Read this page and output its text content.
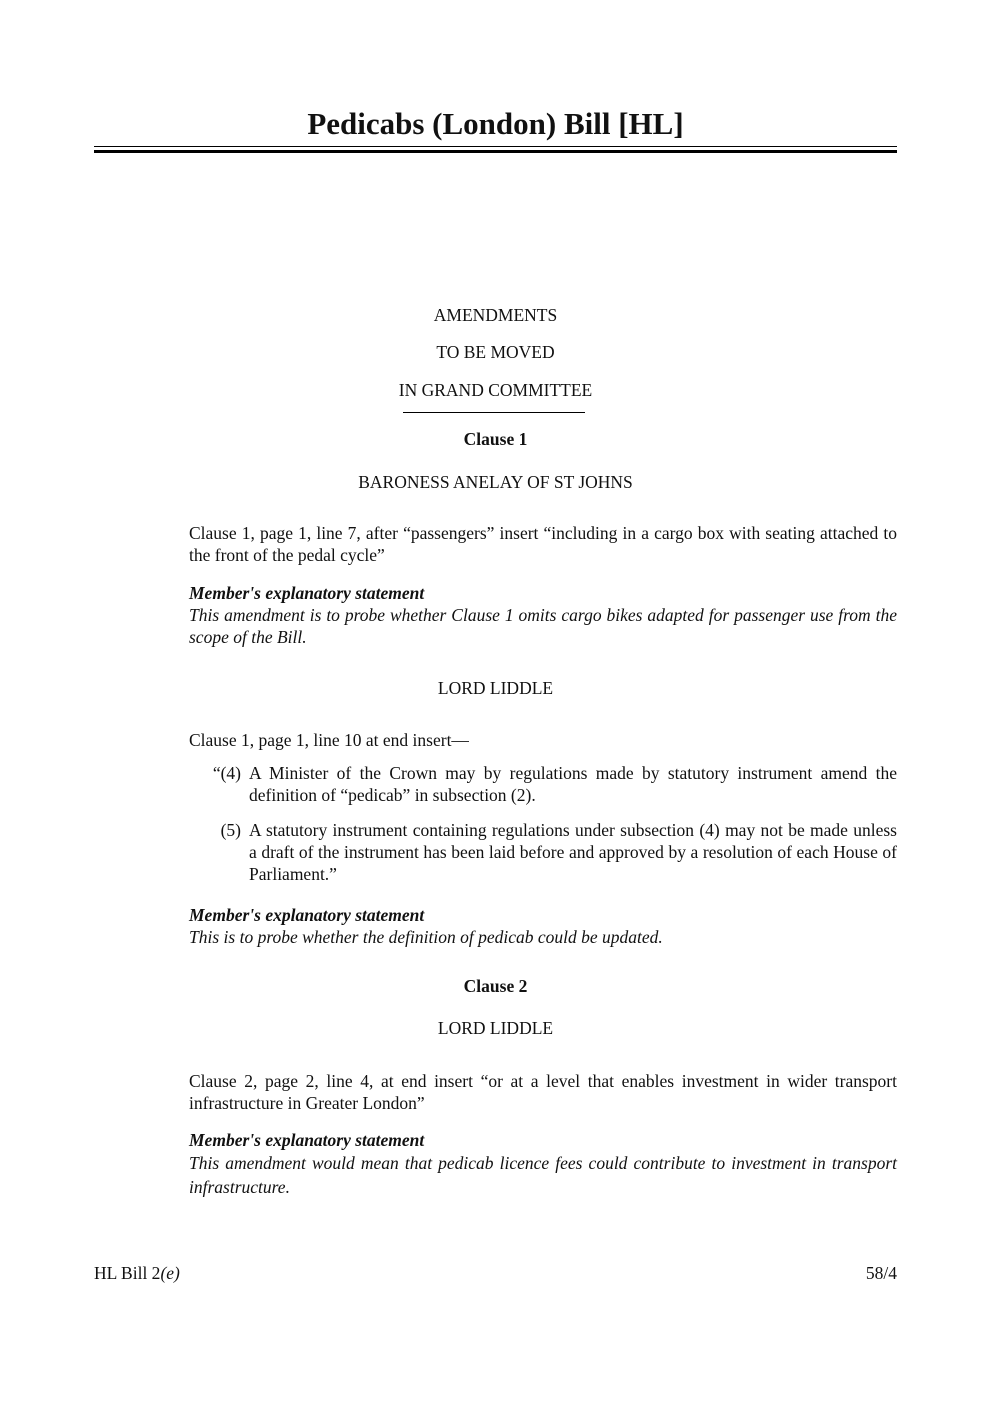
Pedicabs (London) Bill [HL]
AMENDMENTS
TO BE MOVED
IN GRAND COMMITTEE
Clause 1
BARONESS ANELAY OF ST JOHNS
Clause 1, page 1, line 7, after “passengers” insert “including in a cargo box with seating attached to the front of the pedal cycle”
Member's explanatory statement
This amendment is to probe whether Clause 1 omits cargo bikes adapted for passenger use from the scope of the Bill.
LORD LIDDLE
Clause 1, page 1, line 10 at end insert—
“(4) A Minister of the Crown may by regulations made by statutory instrument amend the definition of “pedicab” in subsection (2).
(5) A statutory instrument containing regulations under subsection (4) may not be made unless a draft of the instrument has been laid before and approved by a resolution of each House of Parliament.”
Member's explanatory statement
This is to probe whether the definition of pedicab could be updated.
Clause 2
LORD LIDDLE
Clause 2, page 2, line 4, at end insert “or at a level that enables investment in wider transport infrastructure in Greater London”
Member's explanatory statement
This amendment would mean that pedicab licence fees could contribute to investment in transport infrastructure.
HL Bill 2(e)	58/4
